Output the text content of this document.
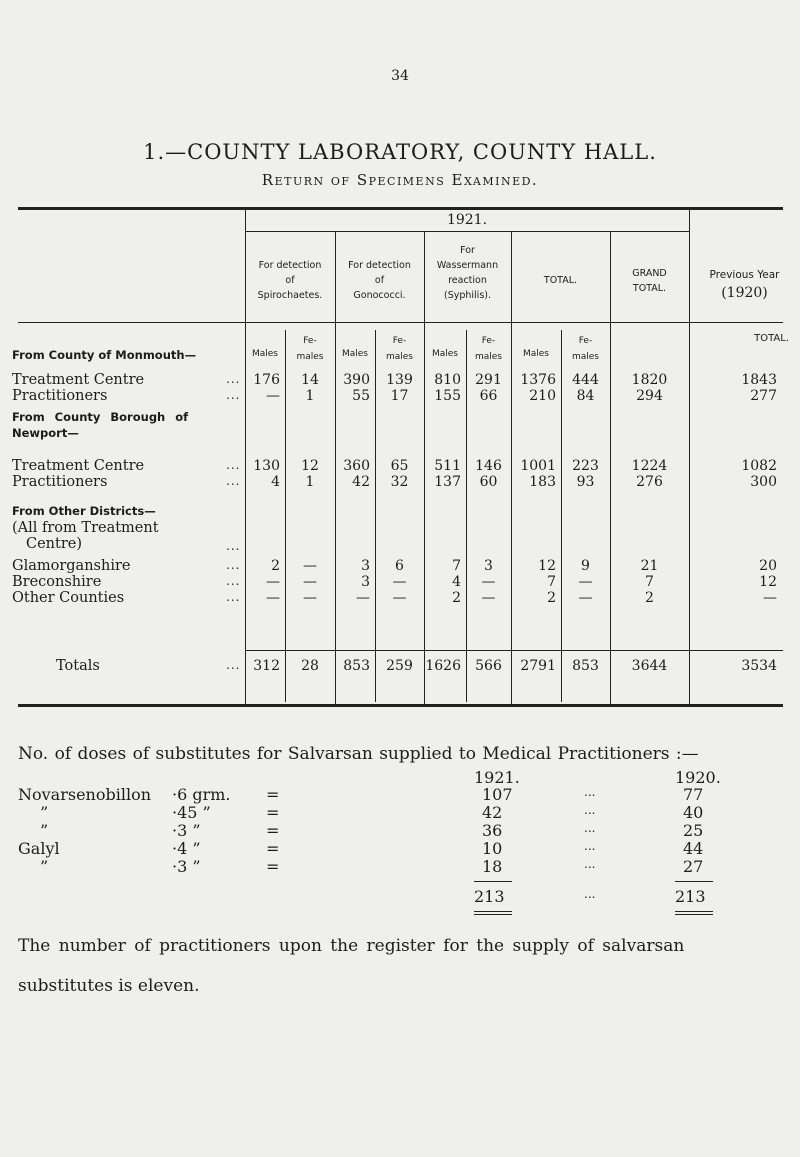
34
1.—COUNTY LABORATORY, COUNTY HALL.
Return of Specimens Examined.
1921.
For detection
of
Spirochaetes.
For detection
of
Gonococci.
For
Wassermann
reaction
(Syphilis).
TOTAL.
GRAND
TOTAL.
Previous Year
(1920)
Males
Fe-
males	Males
Fe-
males	Males
Fe-
males	Males
Fe-
males
TOTAL.
From County of Monmouth—
From County Borough of
Newport—
From Other Districts—
(All from Treatment
Centre)	...
Treatment Centre	... 176	14	390	139	810	291	1376	444	1820	1843
Practitioners	...	—	1	55	17	155	66	210	84	294	277
Treatment Centre	... 130	12	360	65	511	146	1001	223	1224	1082
Practitioners	...	4	1	42	32	137	60	183	93	276	300
Glamorganshire	...	2	—	3	6	7	3	12	9	21	20
Breconshire	...	—	—	3	—	4	—	7	—	7	12
Other Counties	...	—	—	—	—	2	—	2	—	2	—
Totals	... 312	28	853	259 1626	566	2791	853	3644	3534
No. of doses of substitutes for Salvarsan supplied to Medical Practitioners :—
1921.	1920.
Novarsenobillon ·6 grm. =	107	...	77
”	·45 ”	=	42	...	40
”	·3 ”	=	36	...	25
Galyl	·4 ”	=	10	...	44
”	·3 ”	=	18	...	27
213	...	213
The number of practitioners upon the register for the supply of salvarsan
substitutes is eleven.
